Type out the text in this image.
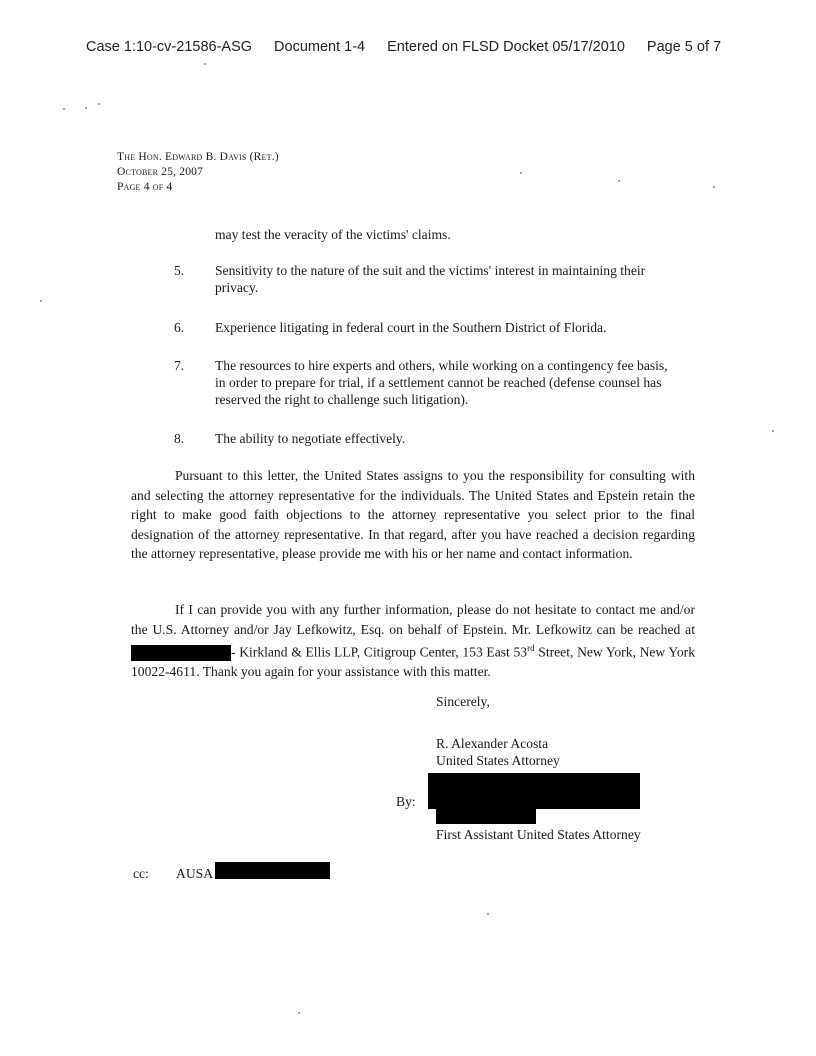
Case 1:10-cv-21586-ASG Document 1-4 Entered on FLSD Docket 05/17/2010 Page 5 of 7
The Hon. Edward B. Davis (Ret.)
October 25, 2007
Page 4 of 4
may test the veracity of the victims' claims.
5.	Sensitivity to the nature of the suit and the victims' interest in maintaining their privacy.
6.	Experience litigating in federal court in the Southern District of Florida.
7.	The resources to hire experts and others, while working on a contingency fee basis, in order to prepare for trial, if a settlement cannot be reached (defense counsel has reserved the right to challenge such litigation).
8.	The ability to negotiate effectively.
Pursuant to this letter, the United States assigns to you the responsibility for consulting with and selecting the attorney representative for the individuals. The United States and Epstein retain the right to make good faith objections to the attorney representative you select prior to the final designation of the attorney representative. In that regard, after you have reached a decision regarding the attorney representative, please provide me with his or her name and contact information.
If I can provide you with any further information, please do not hesitate to contact me and/or the U.S. Attorney and/or Jay Lefkowitz, Esq. on behalf of Epstein. Mr. Lefkowitz can be reached at- Kirkland & Ellis LLP, Citigroup Center, 153 East 53rd Street, New York, New York 10022-4611. Thank you again for your assistance with this matter.
Sincerely,
R. Alexander Acosta
United States Attorney
By:
First Assistant United States Attorney
cc: AUSA
